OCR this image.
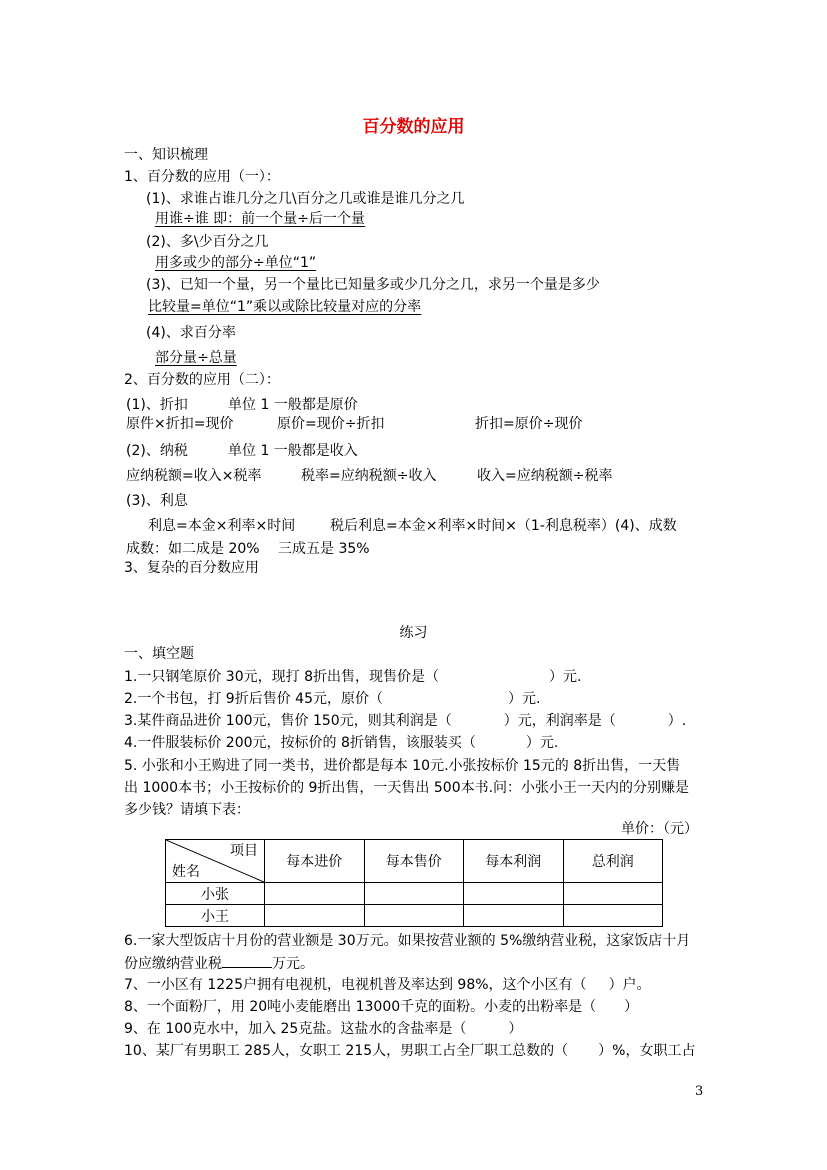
百分数的应用
一、知识梳理
1、百分数的应用（一）：
(1)、求谁占谁几分之几\百分之几或谁是谁几分之几
用谁÷谁 即：前一个量÷后一个量
(2)、多\少百分之几
用多或少的部分÷单位“1”
(3)、已知一个量，另一个量比已知量多或少几分之几，求另一个量是多少
比较量=单位“1”乘以或除比较量对应的分率
(4)、求百分率
部分量÷总量
2、百分数的应用（二）：
(1)、折扣	单位 1 一般都是原价
原件×折扣=现价	原价=现价÷折扣	折扣=原价÷现价
(2)、纳税	单位 1 一般都是收入
应纳税额=收入×税率	税率=应纳税额÷收入	收入=应纳税额÷税率
(3)、利息
利息=本金×利率×时间 税后利息=本金×利率×时间×（1-利息税率）(4)、成数
成数：如二成是 20%　 三成五是 35%
3、复杂的百分数应用
练习
一、填空题
1.一只钢笔原价 30元，现打 8折出售，现售价是（	）元.
2.一个书包，打 9折后售价 45元，原价（	）元.
3.某件商品进价 100元，售价 150元，则其利润是（	）元，利润率是（	）.
4.一件服装标价 200元，按标价的 8折销售，该服装买（	）元.
5. 小张和小王购进了同一类书，进价都是每本 10元.小张按标价 15元的 8折出售，一天售
出 1000本书；小王按标价的 9折出售，一天售出 500本书.问：小张小王一天内的分别赚是
多少钱？请填下表：
单价：（元）
项目
姓名	每本进价	每本售价	每本利润	总利润
小张				
小王				
6.一家大型饭店十月份的营业额是 30万元。如果按营业额的 5%缴纳营业税，这家饭店十月
份应缴纳营业税	万元。
7、一小区有 1225户拥有电视机，电视机普及率达到 98%，这个小区有（ ）户。
8、一个面粉厂，用 20吨小麦能磨出 13000千克的面粉。小麦的出粉率是（　　）
9、在 100克水中，加入 25克盐。这盐水的含盐率是（　　　）
10、某厂有男职工 285人，女职工 215人，男职工占全厂职工总数的（ ）%，女职工占
3
